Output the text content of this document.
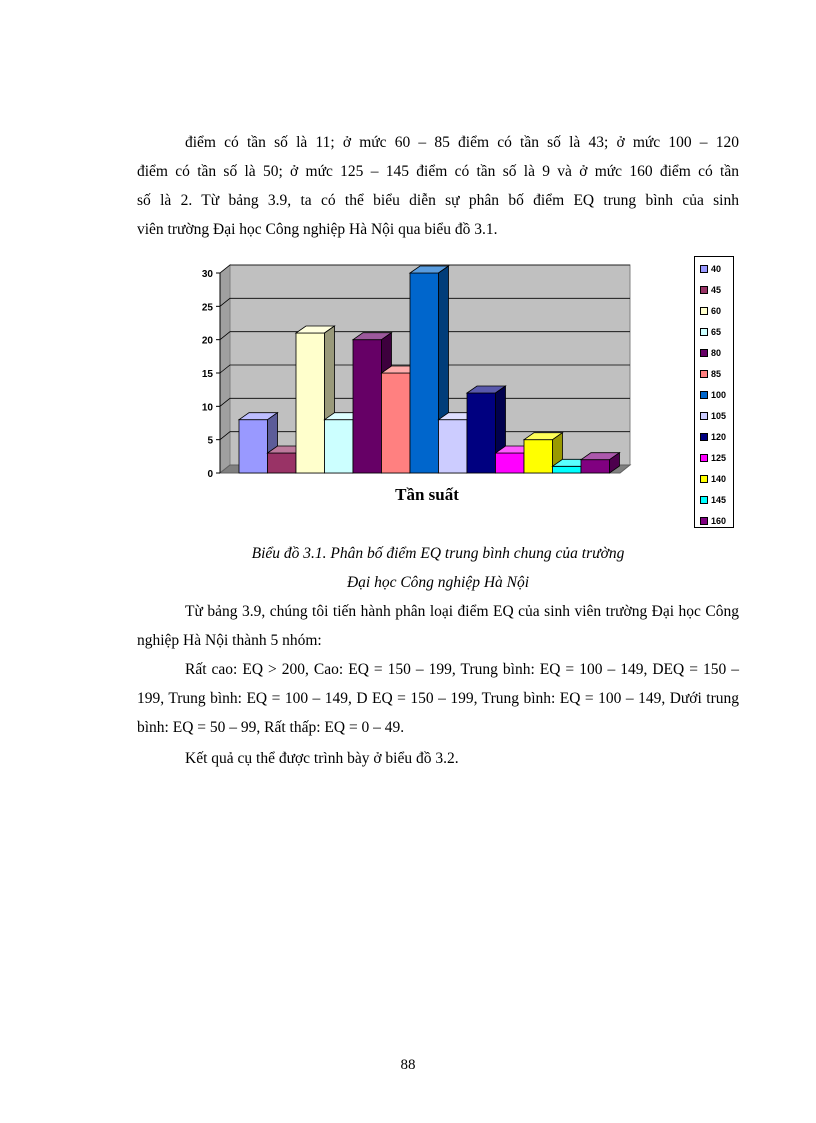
điểm có tần số là 11; ở mức 60 – 85 điểm có tần số là 43; ở mức 100 – 120
điểm có tần số là 50; ở mức 125 – 145 điểm có tần số là 9 và ở mức 160 điểm có tần
số là 2. Từ bảng 3.9, ta có thể biểu diễn sự phân bố điểm EQ trung bình của sinh
viên trường Đại học Công nghiệp Hà Nội qua biểu đồ 3.1.

0
5
10
15
20
25
30
Tần suất
40
45
60
65
80
85
100
105
120
125
140
145
160

Biểu đồ 3.1. Phân bố điểm EQ trung bình chung của trường
Đại học Công nghiệp Hà Nội

Từ bảng 3.9, chúng tôi tiến hành phân loại điểm EQ của sinh viên trường Đại học Công nghiệp Hà Nội thành 5 nhóm:

Rất cao: EQ > 200, Cao: EQ = 150 – 199, Trung bình: EQ = 100 – 149, DEQ = 150 – 199, Trung bình: EQ = 100 – 149, D EQ = 150 – 199, Trung bình: EQ = 100 – 149, Dưới trung bình: EQ = 50 – 99, Rất thấp: EQ = 0 – 49.

Kết quả cụ thể được trình bày ở biểu đồ 3.2.

88
